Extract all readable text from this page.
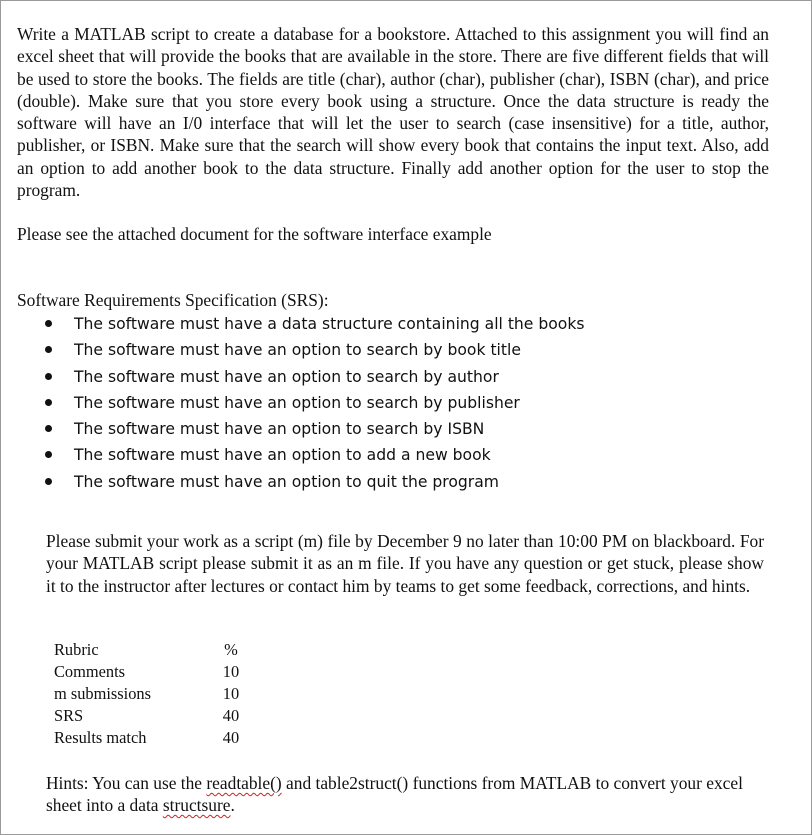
Write a MATLAB script to create a database for a bookstore. Attached to this assignment you will find an excel sheet that will provide the books that are available in the store. There are five different fields that will be used to store the books. The fields are title (char), author (char), publisher (char), ISBN (char), and price (double). Make sure that you store every book using a structure. Once the data structure is ready the software will have an I/0 interface that will let the user to search (case insensitive) for a title, author, publisher, or ISBN. Make sure that the search will show every book that contains the input text. Also, add an option to add another book to the data structure. Finally add another option for the user to stop the program.

Please see the attached document for the software interface example

Software Requirements Specification (SRS):

The software must have a data structure containing all the books
The software must have an option to search by book title
The software must have an option to search by author
The software must have an option to search by publisher
The software must have an option to search by ISBN
The software must have an option to add a new book
The software must have an option to quit the program

Please submit your work as a script (m) file by December 9 no later than 10:00 PM on blackboard. For your MATLAB script please submit it as an m file. If you have any question or get stuck, please show it to the instructor after lectures or contact him by teams to get some feedback, corrections, and hints.

Rubric	%
Comments	10
m submissions	10
SRS	40
Results match	40

Hints: You can use the readtable() and table2struct() functions from MATLAB to convert your excel sheet into a data structsure.
